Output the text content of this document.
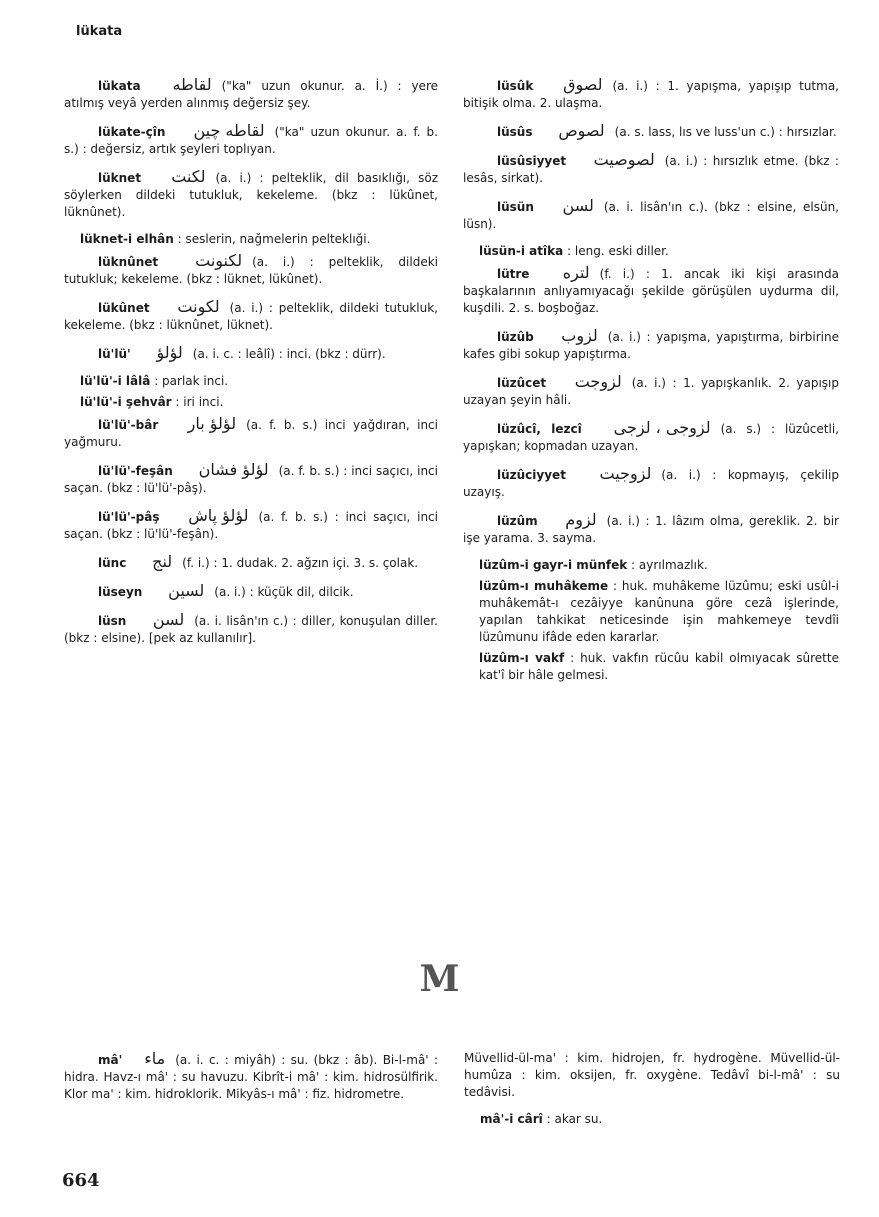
lükata
lükata لقاطه ("ka" uzun okunur. a. İ.) : yere atılmış veyâ yerden alınmış değersiz şey.
lükate-çîn لقاطه چين ("ka" uzun okunur. a. f. b. s.) : değersiz, artık şeyleri toplıyan.
lüknet لكنت (a. i.) : pelteklik, dil basıklığı, söz söylerken dildeki tutukluk, kekeleme. (bkz : lükûnet, lüknûnet).
lüknet-i elhân : seslerin, nağmelerin pelteklıği.
lüknûnet لكنونت (a. i.) : pelteklik, dildeki tutukluk; kekeleme. (bkz : lüknet, lükûnet).
lükûnet لكونت (a. i.) : pelteklik, dildeki tutukluk, kekeleme. (bkz : lüknûnet, lüknet).
lü'lü' لؤلؤ (a. i. c. : leâlî) : inci. (bkz : dürr).
lü'lü'-i lâlâ : parlak inci.
lü'lü'-i şehvâr : iri inci.
lü'lü'-bâr لؤلؤ بار (a. f. b. s.) inci yağdıran, inci yağmuru.
lü'lü'-feşân لؤلؤ فشان (a. f. b. s.) : inci saçıcı, inci saçan. (bkz : lü'lü'-pâş).
lü'lü'-pâş لؤلؤ پاش (a. f. b. s.) : inci saçıcı, inci saçan. (bkz : lü'lü'-feşân).
lünc لنج (f. i.) : 1. dudak. 2. ağzın içi. 3. s. çolak.
lüseyn لسين (a. i.) : küçük dil, dilcik.
lüsn لسن (a. i. lisân'ın c.) : diller, konuşulan diller. (bkz : elsine). [pek az kullanılır].
lüsûk لصوق (a. i.) : 1. yapışma, yapışıp tutma, bitişik olma. 2. ulaşma.
lüsûs لصوص (a. s. lass, lıs ve luss'un c.) : hırsızlar.
lüsûsiyyet لصوصيت (a. i.) : hırsızlık etme. (bkz : lesâs, sirkat).
lüsün لسن (a. i. lisân'ın c.). (bkz : elsine, elsün, lüsn).
lüsün-i atîka : leng. eski diller.
lütre لتره (f. i.) : 1. ancak iki kişi arasında başkalarının anlıyamıyacağı şekilde görüşülen uydurma dil, kuşdili. 2. s. boşboğaz.
lüzûb لزوب (a. i.) : yapışma, yapıştırma, birbirine kafes gibi sokup yapıştırma.
lüzûcet لزوجت (a. i.) : 1. yapışkanlık. 2. yapışıp uzayan şeyin hâli.
lüzûcî, lezcî لزوجى ، لزجى (a. s.) : lüzûcetli, yapışkan; kopmadan uzayan.
lüzûciyyet لزوجيت (a. i.) : kopmayış, çekilip uzayış.
lüzûm لزوم (a. i.) : 1. lâzım olma, gereklik. 2. bir işe yarama. 3. sayma.
lüzûm-i gayr-i münfek : ayrılmazlık.
lüzûm-ı muhâkeme : huk. muhâkeme lüzûmu; eski usûl-i muhâkemât-ı cezâiyye kanûnuna göre cezâ işlerinde, yapılan tahkikat neticesinde işin mahkemeye tevdîi lüzûmunu ifâde eden kararlar.
lüzûm-ı vakf : huk. vakfın rücûu kabil olmıyacak sûrette kat'î bir hâle gelmesi.
M
mâ' ماء (a. i. c. : miyâh) : su. (bkz : âb). Bi-l-mâ' : hidra. Havz-ı mâ' : su havuzu. Kibrît-i mâ' : kim. hidrosülfirik. Klor ma' : kim. hidroklorik. Mikyâs-ı mâ' : fiz. hidrometre.
Müvellid-ül-ma' : kim. hidrojen, fr. hydrogène. Müvellid-ül-humûza : kim. oksijen, fr. oxygène. Tedâvî bi-l-mâ' : su tedâvisi.
mâ'-i cârî : akar su.
664
